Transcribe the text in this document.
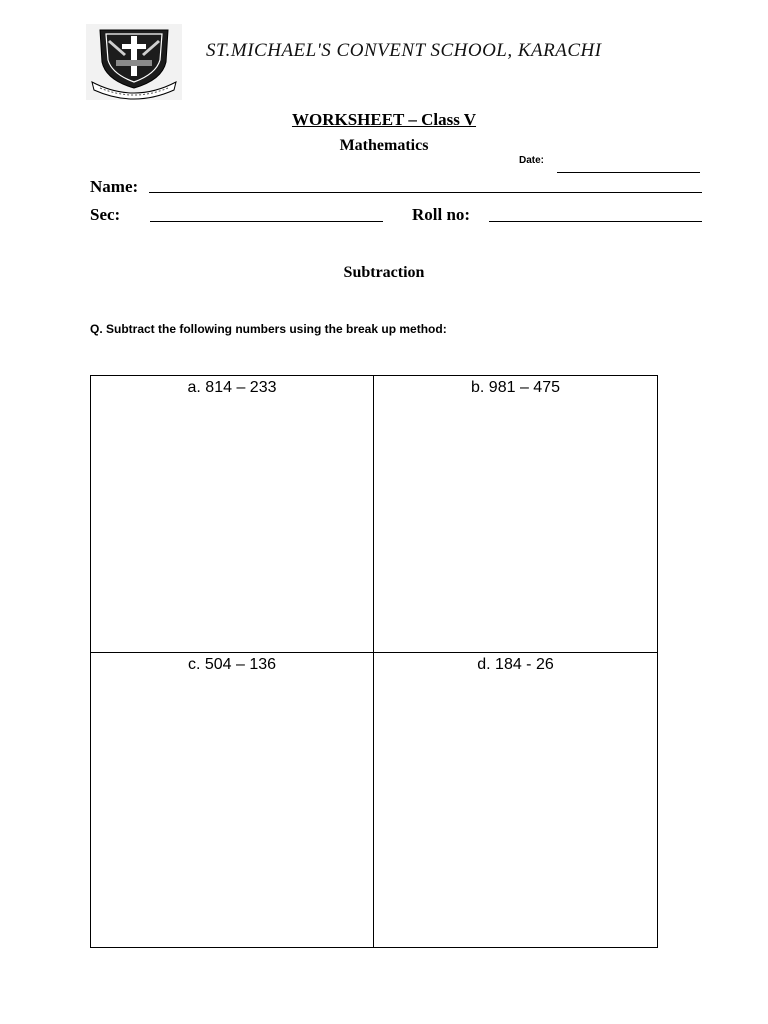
ST.MICHAEL'S CONVENT SCHOOL, KARACHI
WORKSHEET – Class V
Mathematics
Date:
Name:
Sec:	Roll no:
Subtraction
Q. Subtract the following numbers using the break up method:
a. 814 – 233	b. 981 – 475
c. 504 – 136	d. 184 - 26
